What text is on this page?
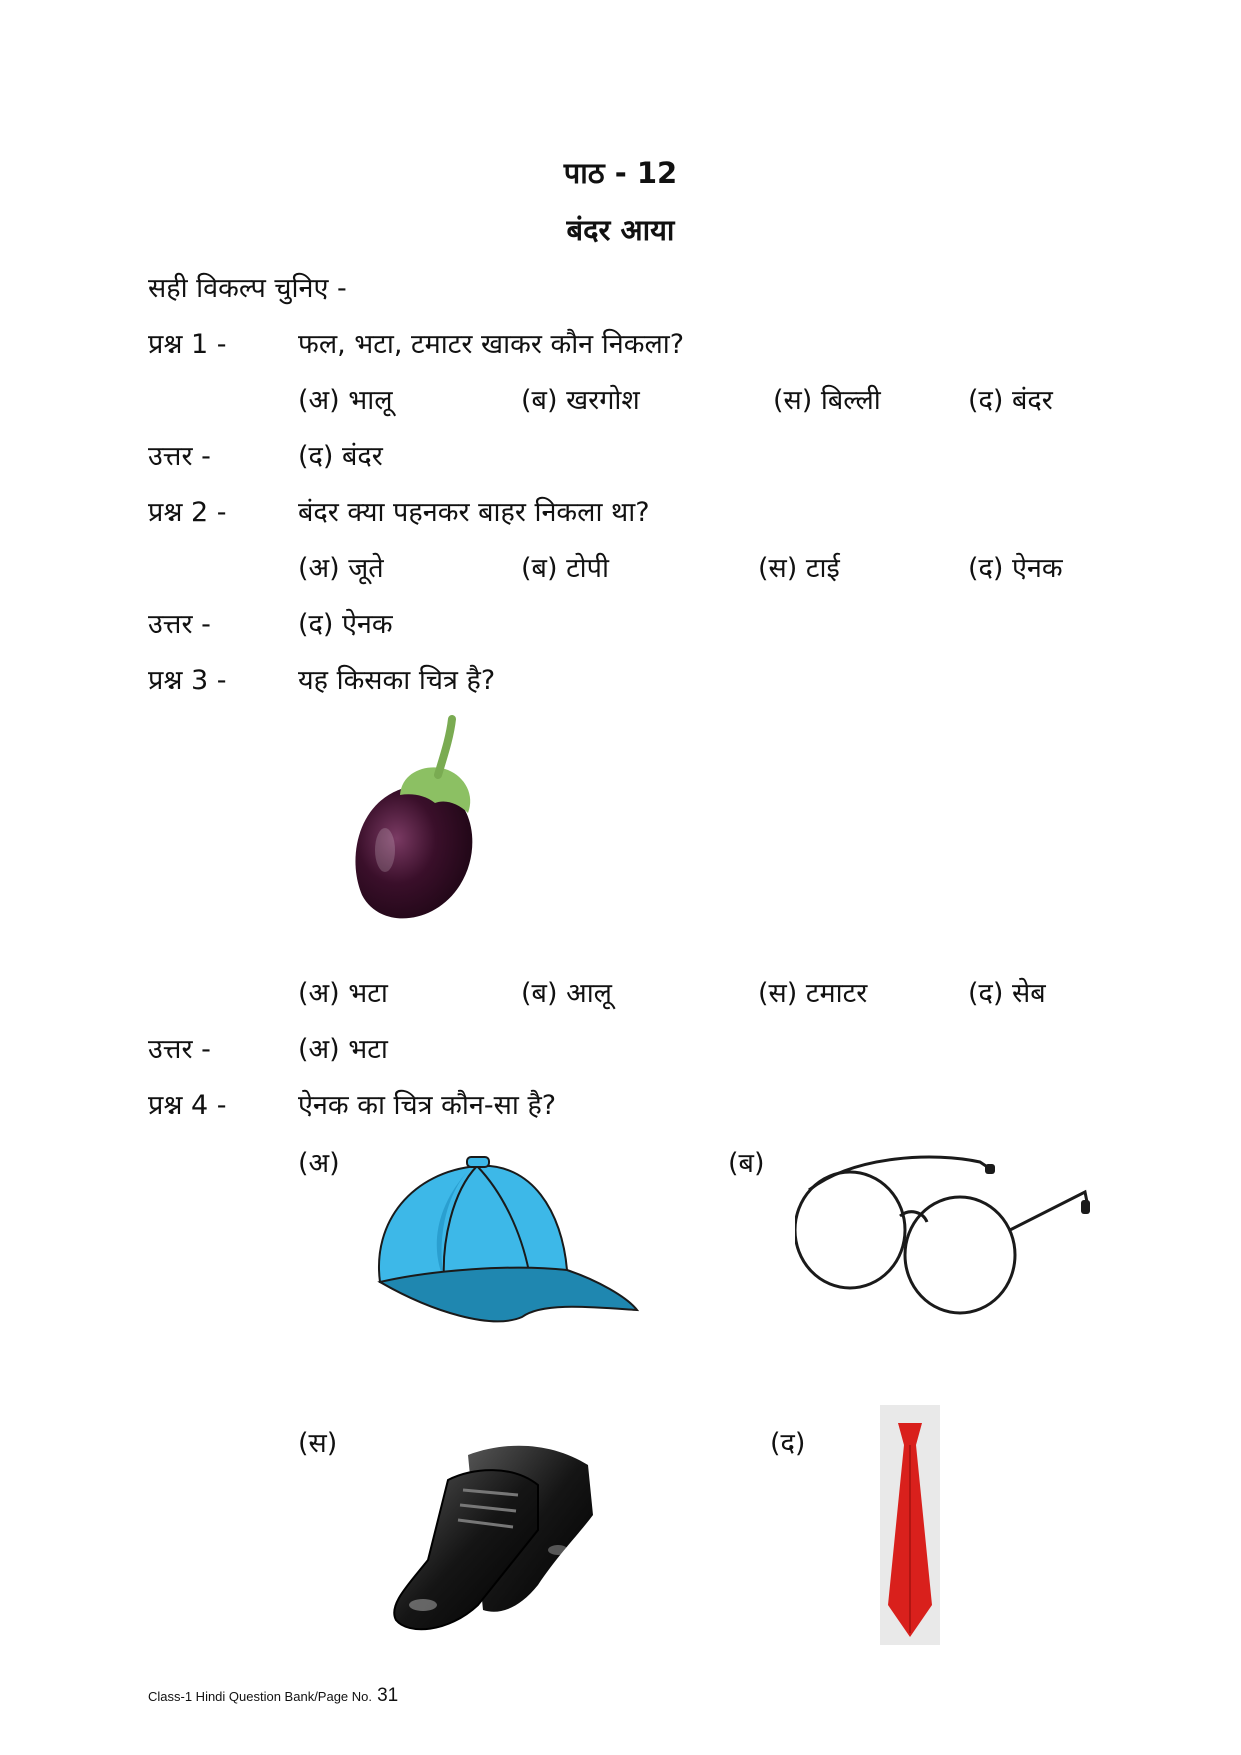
पाठ - 12
बंदर आया
सही विकल्प चुनिए -
प्रश्न 1 -	फल, भटा, टमाटर खाकर कौन निकला?
(अ) भालू	(ब) खरगोश	(स) बिल्ली	(द) बंदर
उत्तर -	(द) बंदर
प्रश्न 2 -	बंदर क्या पहनकर बाहर निकला था?
(अ) जूते	(ब) टोपी	(स) टाई	(द) ऐनक
उत्तर -	(द) ऐनक
प्रश्न 3 -	यह किसका चित्र है?
(अ) भटा	(ब) आलू	(स) टमाटर	(द) सेब
उत्तर -	(अ) भटा
प्रश्न 4 -	ऐनक का चित्र कौन-सा है?
(अ)	(ब)
(स)	(द)
Class-1 Hindi Question Bank/Page No. 31
